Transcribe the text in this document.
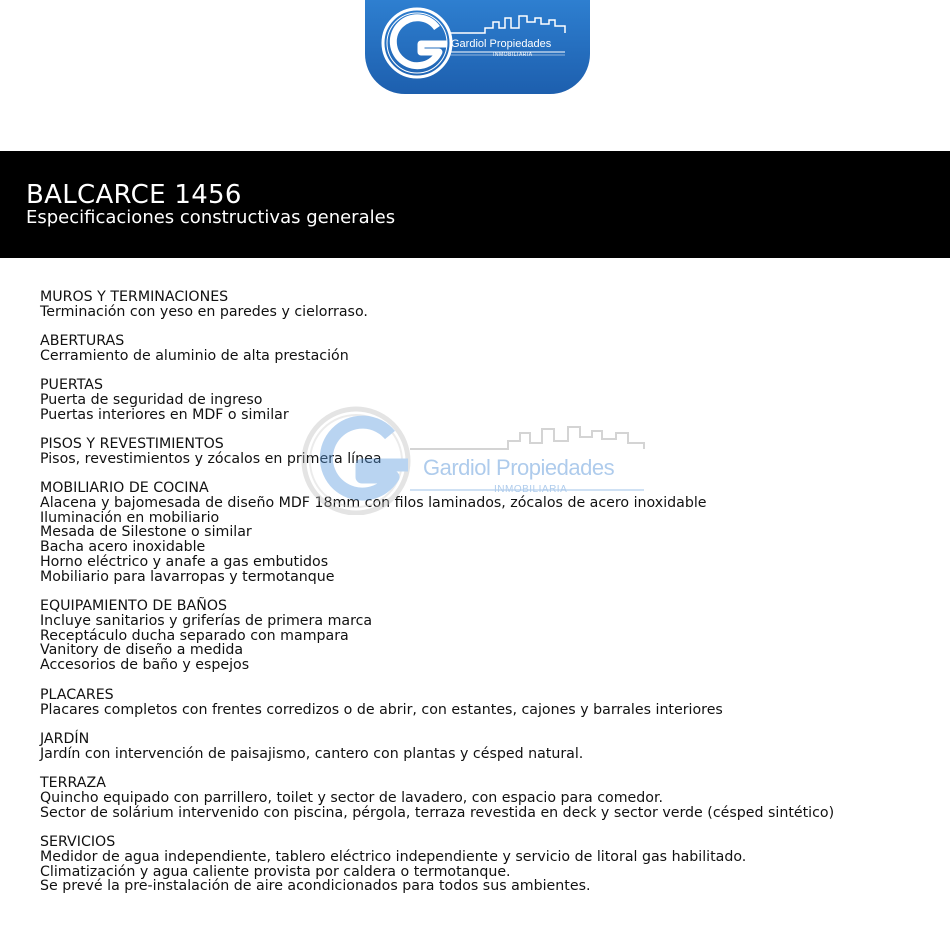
Gardiol Propiedades
INMOBILIARIA
BALCARCE 1456
Especificaciones constructivas generales
MUROS Y TERMINACIONES
Terminación con yeso en paredes y cielorraso.
ABERTURAS
Cerramiento de aluminio de alta prestación
PUERTAS
Puerta de seguridad de ingreso
Puertas interiores en MDF o similar
PISOS Y REVESTIMIENTOS
Pisos, revestimientos y zócalos en primera línea
MOBILIARIO DE COCINA
Alacena y bajomesada de diseño MDF 18mm con filos laminados, zócalos de acero inoxidable
Iluminación en mobiliario
Mesada de Silestone o similar
Bacha acero inoxidable
Horno eléctrico y anafe a gas embutidos
Mobiliario para lavarropas y termotanque
EQUIPAMIENTO DE BAÑOS
Incluye sanitarios y griferías de primera marca
Receptáculo ducha separado con mampara
Vanitory de diseño a medida
Accesorios de baño y espejos
PLACARES
Placares completos con frentes corredizos o de abrir, con estantes, cajones y barrales interiores
JARDÍN
Jardín con intervención de paisajismo, cantero con plantas y césped natural.
TERRAZA
Quincho equipado con parrillero, toilet y sector de lavadero, con espacio para comedor.
Sector de solárium intervenido con piscina, pérgola, terraza revestida en deck y sector verde (césped sintético)
SERVICIOS
Medidor de agua independiente, tablero eléctrico independiente y servicio de litoral gas habilitado.
Climatización y agua caliente provista por caldera o termotanque.
Se prevé la pre-instalación de aire acondicionados para todos sus ambientes.
Gardiol Propiedades
INMOBILIARIA
